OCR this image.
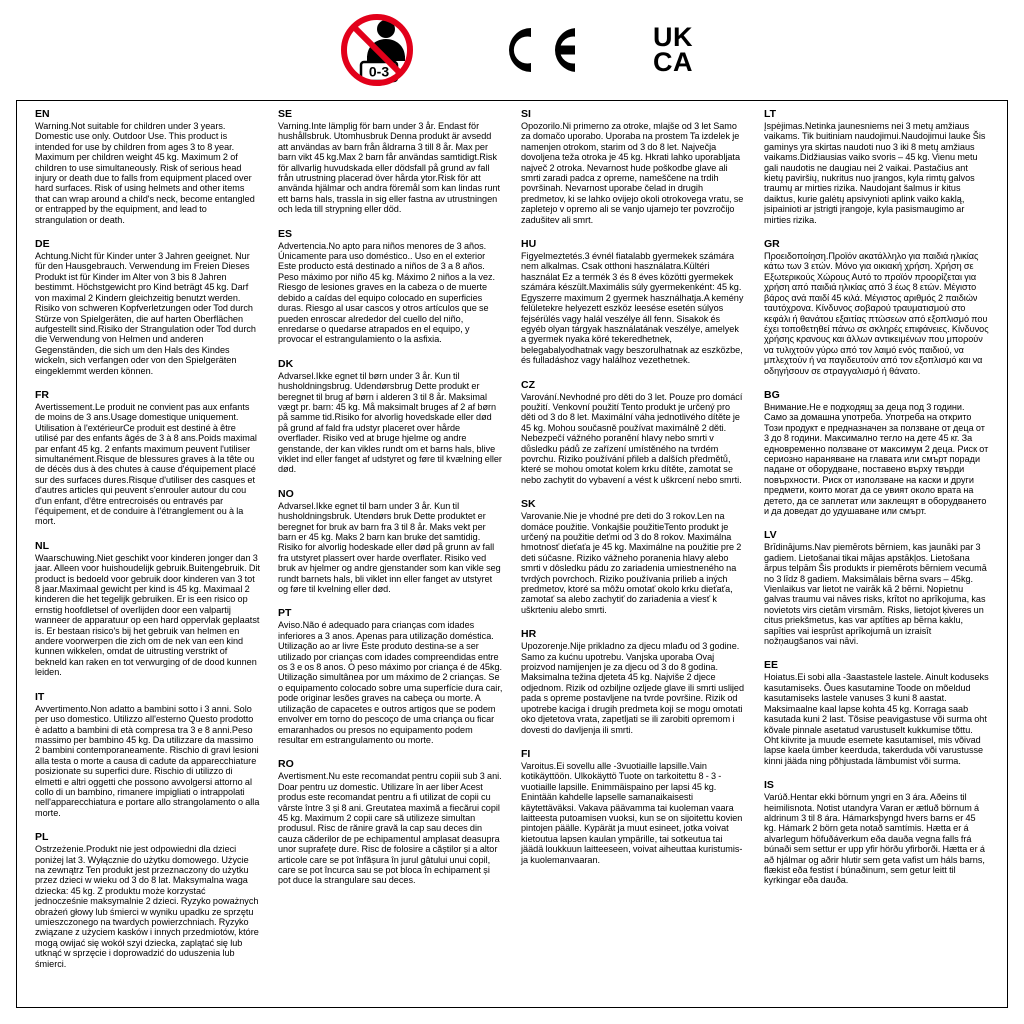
0-3
UK
CA
EN
Warning.Not suitable for children under 3 years. Domestic use only. Outdoor Use. This product is intended for use by children from ages 3 to 8 year. Maximum per children weight 45 kg. Maximum 2 of children to use simultaneously. Risk of serious head injury or death due to falls from equipment placed over hard surfaces. Risk of using helmets and other items that can wrap around a child's neck, become entangled or entrapped by the equipment, and lead to strangulation or death.
DE
Achtung.Nicht für Kinder unter 3 Jahren geeignet. Nur für den Hausgebrauch. Verwendung im Freien Dieses Produkt ist für Kinder im Alter von 3 bis 8 Jahren bestimmt. Höchstgewicht pro Kind beträgt 45 kg. Darf von maximal 2 Kindern gleichzeitig benutzt werden. Risiko von schweren Kopfverletzungen oder Tod durch Stürze von Spielgeräten, die auf harten Oberflächen aufgestellt sind.Risiko der Strangulation oder Tod durch die Verwendung von Helmen und anderen Gegenständen, die sich um den Hals des Kindes wickeln, sich verfangen oder von den Spielgeräten eingeklemmt werden können.
FR
Avertissement.Le produit ne convient pas aux enfants de moins de 3 ans.Usage domestique uniquement. Utilisation à l'extérieurCe produit est destiné à être utilisé par des enfants âgés de 3 à 8 ans.Poids maximal par enfant 45 kg. 2 enfants maximum peuvent l'utiliser simultanément.Risque de blessures graves à la tête ou de décès dus à des chutes à cause d'équipement placé sur des surfaces dures.Risque d'utiliser des casques et d'autres articles qui peuvent s'enrouler autour du cou d'un enfant, d'être entrecroisés ou entravés par l'équipement, et de conduire à l'étranglement ou à la mort.
NL
Waarschuwing.Niet geschikt voor kinderen jonger dan 3 jaar. Alleen voor huishoudelijk gebruik.Buitengebruik. Dit product is bedoeld voor gebruik door kinderen van 3 tot 8 jaar.Maximaal gewicht per kind is 45 kg. Maximaal 2 kinderen die het tegelijk gebruiken. Er is een risico op ernstig hoofdletsel of overlijden door een valpartij wanneer de apparatuur op een hard oppervlak geplaatst is. Er bestaan risico's bij het gebruik van helmen en andere voorwerpen die zich om de nek van een kind kunnen wikkelen, omdat de uitrusting verstrikt of bekneld kan raken en tot verwurging of de dood kunnen leiden.
IT
Avvertimento.Non adatto a bambini sotto i 3 anni. Solo per uso domestico. Utilizzo all'esterno Questo prodotto è adatto a bambini di età compresa tra 3 e 8 anni.Peso massimo per bambino 45 kg. Da utilizzare da massimo 2 bambini contemporaneamente. Rischio di gravi lesioni alla testa o morte a causa di cadute da apparecchiature posizionate su superfici dure. Rischio di utilizzo di elmetti e altri oggetti che possono avvolgersi attorno al collo di un bambino, rimanere impigliati o intrappolati nell'apparecchiatura e portare allo strangolamento o alla morte.
PL
Ostrzeżenie.Produkt nie jest odpowiedni dla dzieci poniżej lat 3. Wyłącznie do użytku domowego. Użycie na zewnątrz Ten produkt jest przeznaczony do użytku przez dzieci w wieku od 3 do 8 lat. Maksymalna waga dziecka: 45 kg. Z produktu może korzystać jednocześnie maksymalnie 2 dzieci. Ryzyko poważnych obrażeń głowy lub śmierci w wyniku upadku ze sprzętu umieszczonego na twardych powierzchniach. Ryzyko związane z użyciem kasków i innych przedmiotów, które mogą owijać się wokół szyi dziecka, zaplątać się lub utknąć w sprzęcie i doprowadzić do uduszenia lub śmierci.
SE
Varning.Inte lämplig för barn under 3 år. Endast för hushållsbruk. Utomhusbruk Denna produkt är avsedd att användas av barn från åldrarna 3 till 8 år. Max per barn vikt 45 kg.Max 2 barn får användas samtidigt.Risk för allvarlig huvudskada eller dödsfall på grund av fall från utrustning placerad över hårda ytor.Risk för att använda hjälmar och andra föremål som kan lindas runt ett barns hals, trassla in sig eller fastna av utrustningen och leda till strypning eller död.
ES
Advertencia.No apto para niños menores de 3 años. Únicamente para uso doméstico.. Uso en el exterior Este producto está destinado a niños de 3 a 8 años. Peso máximo por niño 45 kg. Máximo 2 niños a la vez. Riesgo de lesiones graves en la cabeza o de muerte debido a caídas del equipo colocado en superficies duras. Riesgo al usar cascos y otros artículos que se pueden enroscar alrededor del cuello del niño, enredarse o quedarse atrapados en el equipo, y provocar el estrangulamiento o la asfixia.
DK
Advarsel.Ikke egnet til børn under 3 år. Kun til husholdningsbrug. Udendørsbrug Dette produkt er beregnet til brug af børn i alderen 3 til 8 år. Maksimal vægt pr. barn: 45 kg. Må maksimalt bruges af 2 af børn på samme tid.Risiko for alvorlig hovedskade eller død på grund af fald fra udstyr placeret over hårde overflader. Risiko ved at bruge hjelme og andre genstande, der kan vikles rundt om et barns hals, blive viklet ind eller fanget af udstyret og føre til kvælning eller død.
NO
Advarsel.Ikke egnet til barn under 3 år. Kun til husholdningsbruk. Utendørs bruk Dette produktet er beregnet for bruk av barn fra 3 til 8 år. Maks vekt per barn er 45 kg. Maks 2 barn kan bruke det samtidig. Risiko for alvorlig hodeskade eller død på grunn av fall fra utstyret plassert over harde overflater. Risiko ved bruk av hjelmer og andre gjenstander som kan vikle seg rundt barnets hals, bli viklet inn eller fanget av utstyret og føre til kvelning eller død.
PT
Aviso.Não é adequado para crianças com idades inferiores a 3 anos. Apenas para utilização doméstica. Utilização ao ar livre Este produto destina-se a ser utilizado por crianças com idades compreendidas entre os 3 e os 8 anos. O peso máximo por criança é de 45kg. Utilização simultânea por um máximo de 2 crianças. Se o equipamento colocado sobre uma superfície dura cair, pode originar lesões graves na cabeça ou morte. A utilização de capacetes e outros artigos que se podem envolver em torno do pescoço de uma criança ou ficar emaranhados ou presos no equipamento podem resultar em estrangulamento ou morte.
RO
Avertisment.Nu este recomandat pentru copiii sub 3 ani. Doar pentru uz domestic. Utilizare în aer liber Acest produs este recomandat pentru a fi utilizat de copii cu vârste între 3 și 8 ani. Greutatea maximă a fiecărui copil 45 kg. Maximum 2 copii care să utilizeze simultan produsul. Risc de rănire gravă la cap sau deces din cauza căderilor de pe echipamentul amplasat deasupra unor suprafețe dure. Risc de folosire a căștilor și a altor articole care se pot înfășura în jurul gâtului unui copil, care se pot încurca sau se pot bloca în echipament și pot duce la strangulare sau deces.
SI
Opozorilo.Ni primerno za otroke, mlajše od 3 let Samo za domačo uporabo. Uporaba na prostem Ta izdelek je namenjen otrokom, starim od 3 do 8 let. Največja dovoljena teža otroka je 45 kg. Hkrati lahko uporabljata največ 2 otroka. Nevarnost hude poškodbe glave ali smrti zaradi padca z opreme, nameščene na trdih površinah. Nevarnost uporabe čelad in drugih predmetov, ki se lahko ovijejo okoli otrokovega vratu, se zapletejo v opremo ali se vanjo ujamejo ter povzročijo zadušitev ali smrt.
HU
Figyelmeztetés.3 évnél fiatalabb gyermekek számára nem alkalmas. Csak otthoni használatra.Kültéri használat Ez a termék 3 és 8 éves közötti gyermekek számára készült.Maximális súly gyermekenként: 45 kg. Egyszerre maximum 2 gyermek használhatja.A kemény felületekre helyezett eszköz leesése esetén súlyos fejsérülés vagy halál veszélye áll fenn. Sisakok és egyéb olyan tárgyak használatának veszélye, amelyek a gyermek nyaka köré tekeredhetnek, belegabalyodhatnak vagy beszorulhatnak az eszközbe, és fulladáshoz vagy halálhoz vezethetnek.
CZ
Varování.Nevhodné pro děti do 3 let. Pouze pro domácí použití. Venkovní použití Tento produkt je určený pro děti od 3 do 8 let. Maximální váha jednotlivého dítěte je 45 kg. Mohou současně používat maximálně 2 děti. Nebezpečí vážného poranění hlavy nebo smrti v důsledku pádů ze zařízení umístěného na tvrdém povrchu. Riziko používání přileb a dalších předmětů, které se mohou omotat kolem krku dítěte, zamotat se nebo zachytit do vybavení a vést k uškrcení nebo smrti.
SK
Varovanie.Nie je vhodné pre deti do 3 rokov.Len na domáce použitie. Vonkajšie použitieTento produkt je určený na použitie deťmi od 3 do 8 rokov. Maximálna hmotnosť dieťaťa je 45 kg. Maximálne na použitie pre 2 deti súčasne. Riziko vážneho poranenia hlavy alebo smrti v dôsledku pádu zo zariadenia umiestneného na tvrdých povrchoch. Riziko používania prilieb a iných predmetov, ktoré sa môžu omotať okolo krku dieťaťa, zamotať sa alebo zachytiť do zariadenia a viesť k uškrteniu alebo smrti.
HR
Upozorenje.Nije prikladno za djecu mlađu od 3 godine. Samo za kućnu upotrebu. Vanjska uporaba Ovaj proizvod namijenjen je za djecu od 3 do 8 godina. Maksimalna težina djeteta 45 kg. Najviše 2 djece odjednom. Rizik od ozbiljne ozljede glave ili smrti uslijed pada s opreme postavljene na tvrde površine. Rizik od upotrebe kaciga i drugih predmeta koji se mogu omotati oko djetetova vrata, zapetljati se ili zarobiti opremom i dovesti do davljenja ili smrti.
FI
Varoitus.Ei sovellu alle -3vuotiaille lapsille.Vain kotikäyttöön. Ulkokäyttö Tuote on tarkoitettu 8 - 3 -vuotiaille lapsille. Enimmäispaino per lapsi 45 kg. Enintään kahdelle lapselle samanaikaisesti käytettäväksi. Vakava päävamma tai kuoleman vaara laitteesta putoamisen vuoksi, kun se on sijoitettu kovien pintojen päälle. Kypärät ja muut esineet, jotka voivat kietoutua lapsen kaulan ympärille, tai sotkeutua tai jäädä loukkuun laitteeseen, voivat aiheuttaa kuristumis- ja kuolemanvaaran.
LT
Įspėjimas.Netinka jaunesniems nei 3 metų amžiaus vaikams. Tik buitiniam naudojimui.Naudojimui lauke Šis gaminys yra skirtas naudoti nuo 3 iki 8 metų amžiaus vaikams.Didžiausias vaiko svoris – 45 kg. Vienu metu gali naudotis ne daugiau nei 2 vaikai. Pastačius ant kietų paviršių, nukritus nuo įrangos, kyla rimtų galvos traumų ar mirties rizika. Naudojant šalmus ir kitus daiktus, kurie galėtų apsivynioti aplink vaiko kaklą, įsipainioti ar įstrigti įrangoje, kyla pasismaugimo ar mirties rizika.
GR
Προειδοποίηση.Προϊόν ακατάλληλο για παιδιά ηλικίας κάτω των 3 ετών. Μόνο για οικιακή χρήση. Χρήση σε Εξωτερικούς Χώρους Αυτό το προϊόν προορίζεται για χρήση από παιδιά ηλικίας από 3 έως 8 ετών. Μέγιστο βάρος ανά παιδί 45 κιλά. Μέγιστος αριθμός 2 παιδιών ταυτόχρονα. Κίνδυνος σοβαρού τραυματισμού στο κεφάλι ή θανάτου εξαιτίας πτώσεων από εξοπλισμό που έχει τοποθετηθεί πάνω σε σκληρές επιφάνειες. Κίνδυνος χρήσης κρανους και άλλων αντικειμένων που μπορούν να τυλιχτούν γύρω από τον λαιμό ενός παιδιού, να μπλεχτούν ή να παγιδευτούν από τον εξοπλισμό και να οδηγήσουν σε στραγγαλισμό ή θάνατο.
BG
Внимание.Не е подходящ за деца под 3 години. Само за домашна употреба. Употреба на открито Този продукт е предназначен за ползване от деца от 3 до 8 години. Максимално тегло на дете 45 кг. За едновременно ползване от максимум 2 деца. Риск от сериозно нараняване на главата или смърт поради падане от оборудване, поставено върху твърди повърхности. Риск от използване на каски и други предмети, които могат да се увият около врата на детето, да се заплетат или заклещят в оборудването и да доведат до удушаване или смърт.
LV
Brīdinājums.Nav piemērots bērniem, kas jaunāki par 3 gadiem. Lietošanai tikai mājas apstākļos. Lietošana ārpus telpām Šis produkts ir piemērots bērniem vecumā no 3 līdz 8 gadiem. Maksimālais bērna svars – 45kg. Vienlaikus var lietot ne vairāk kā 2 bērni. Nopietnu galvas traumu vai nāves risks, krītot no aprīkojuma, kas novietots virs cietām virsmām. Risks, lietojot ķiveres un citus priekšmetus, kas var aptīties ap bērna kaklu, sapīties vai iesprūst aprīkojumā un izraisīt nožņaugšanos vai nāvi.
EE
Hoiatus.Ei sobi alla -3aastastele lastele. Ainult koduseks kasutamiseks. Õues kasutamine Toode on mõeldud kasutamiseks lastele vanuses 3 kuni 8 aastat. Maksimaalne kaal lapse kohta 45 kg. Korraga saab kasutada kuni 2 last. Tõsise peavigastuse või surma oht kõvale pinnale asetatud varustuselt kukkumise tõttu. Oht kiivrite ja muude esemete kasutamisel, mis võivad lapse kaela ümber keerduda, takerduda või varustusse kinni jääda ning põhjustada lämbumist või surma.
IS
Varúð.Hentar ekki börnum yngri en 3 ára. Aðeins til heimilisnota. Notist utandyra Varan er ætluð börnum á aldrinum 3 til 8 ára. Hámarksþyngd hvers barns er 45 kg. Hámark 2 börn geta notað samtímis. Hætta er á alvarlegum höfuðáverkum eða dauða vegna falls frá búnaði sem settur er upp yfir hörðu yfirborði. Hætta er á að hjálmar og aðrir hlutir sem geta vafist um háls barns, flækist eða festist í búnaðinum, sem getur leitt til kyrkingar eða dauða.
